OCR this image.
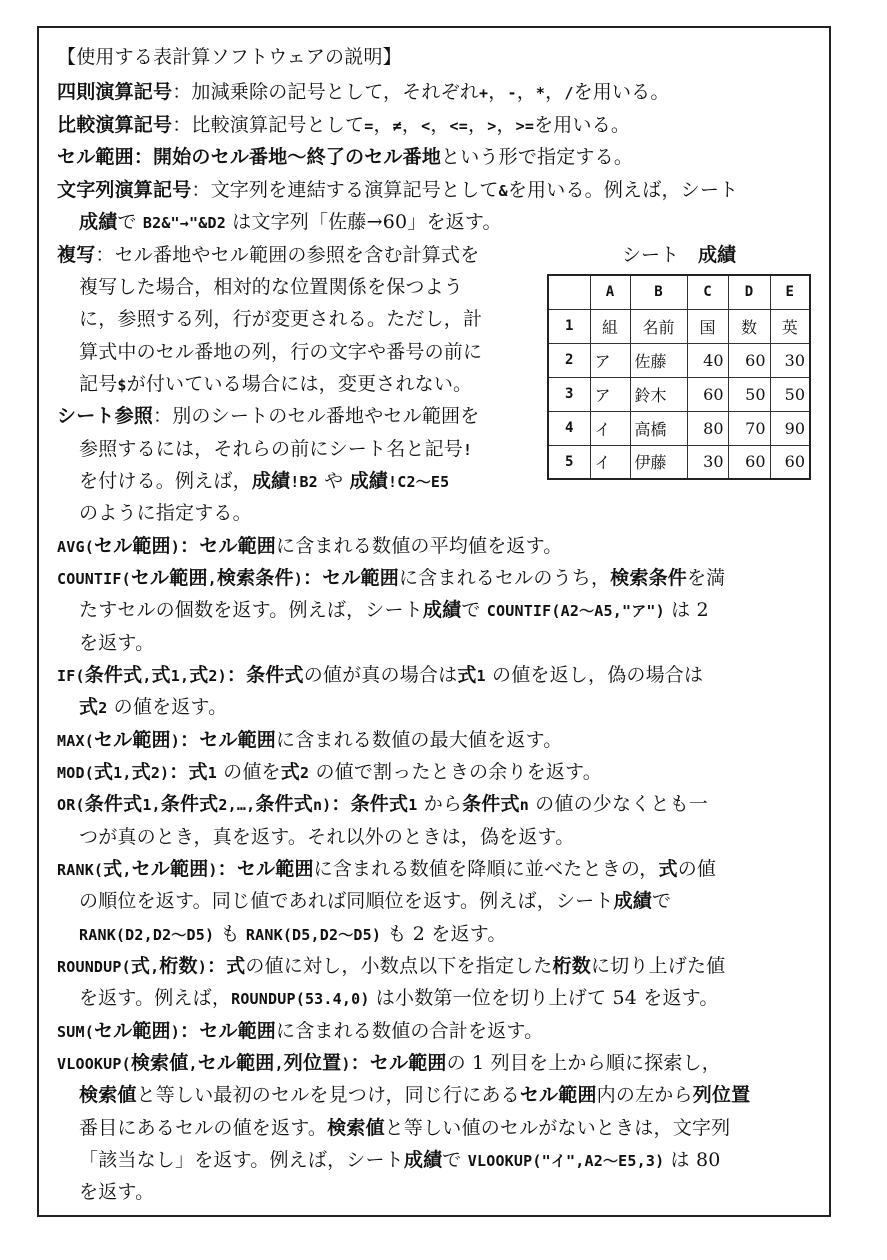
【使用する表計算ソフトウェアの説明】
シート　 成績
	A	B	C	D	E
1	組	名前	国	数	英
2	ア	佐藤	40	60	30
3	ア	鈴木	60	50	50
4	イ	高橋	80	70	90
5	イ	伊藤	30	60	60
四則演算記号：加減乗除の記号として，それぞれ+，-，*，/を用いる。
比較演算記号：比較演算記号として=，≠，<，<=，>，>=を用いる。
セル範囲：開始のセル番地～終了のセル番地という形で指定する。
文字列演算記号：文字列を連結する演算記号として&を用いる。例えば，シート
成績で B2&"→"&D2 は文字列「佐藤→60」を返す。
複写：セル番地やセル範囲の参照を含む計算式を
複写した場合，相対的な位置関係を保つよう
に，参照する列，行が変更される。ただし，計
算式中のセル番地の列，行の文字や番号の前に
記号$が付いている場合には，変更されない。
シート参照：別のシートのセル番地やセル範囲を
参照するには，それらの前にシート名と記号!
を付ける。例えば，成績!B2 や 成績!C2～E5
のように指定する。
AVG(セル範囲)：セル範囲に含まれる数値の平均値を返す。
COUNTIF(セル範囲,検索条件)：セル範囲に含まれるセルのうち，検索条件を満
たすセルの個数を返す。例えば，シート成績で COUNTIF(A2～A5,"ア") は 2
を返す。
IF(条件式,式1,式2)：条件式の値が真の場合は式1 の値を返し，偽の場合は
式2 の値を返す。
MAX(セル範囲)：セル範囲に含まれる数値の最大値を返す。
MOD(式1,式2)：式1 の値を式2 の値で割ったときの余りを返す。
OR(条件式1,条件式2,…,条件式n)：条件式1 から条件式n の値の少なくとも一
つが真のとき，真を返す。それ以外のときは，偽を返す。
RANK(式,セル範囲)：セル範囲に含まれる数値を降順に並べたときの，式の値
の順位を返す。同じ値であれば同順位を返す。例えば，シート成績で
RANK(D2,D2～D5) も RANK(D5,D2～D5) も 2 を返す。
ROUNDUP(式,桁数)：式の値に対し，小数点以下を指定した桁数に切り上げた値
を返す。例えば，ROUNDUP(53.4,0) は小数第一位を切り上げて 54 を返す。
SUM(セル範囲)：セル範囲に含まれる数値の合計を返す。
VLOOKUP(検索値,セル範囲,列位置)：セル範囲の 1 列目を上から順に探索し，
検索値と等しい最初のセルを見つけ，同じ行にあるセル範囲内の左から列位置
番目にあるセルの値を返す。検索値と等しい値のセルがないときは，文字列
「該当なし」を返す。例えば，シート成績で VLOOKUP("イ",A2～E5,3) は 80
を返す。
